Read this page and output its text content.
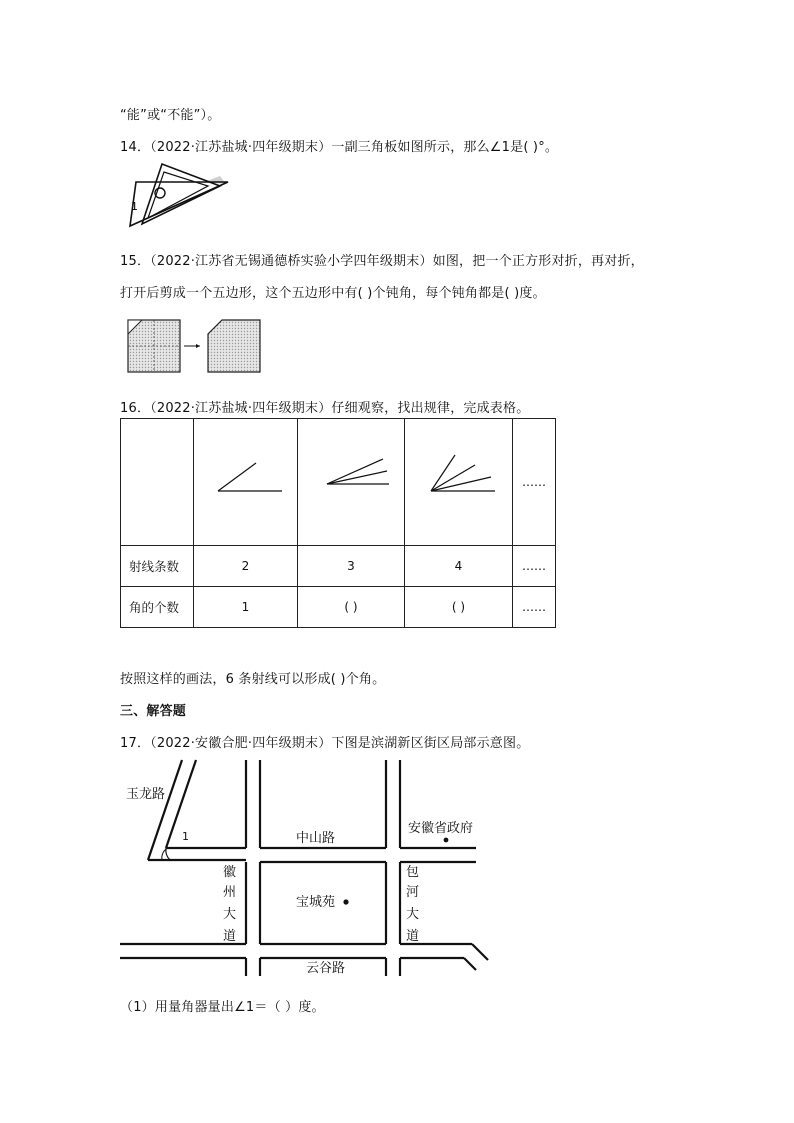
“能”或“不能”）。
14．（2022·江苏盐城·四年级期末）一副三角板如图所示，那么∠1是( )°。
1
15．（2022·江苏省无锡通德桥实验小学四年级期末）如图，把一个正方形对折，再对折，
打开后剪成一个五边形，这个五边形中有( )个钝角，每个钝角都是( )度。
16．（2022·江苏盐城·四年级期末）仔细观察，找出规律，完成表格。
				……
射线条数	2	3	4	……
角的个数	1	( )	( )	……
按照这样的画法，6 条射线可以形成( )个角。
三、解答题
17．（2022·安徽合肥·四年级期末）下图是滨湖新区街区局部示意图。
玉龙路
1	中山路
安徽省政府
宝城苑
云谷路
徽
州
大
道
包
河
大
道
（1）用量角器量出∠1＝（ ）度。
